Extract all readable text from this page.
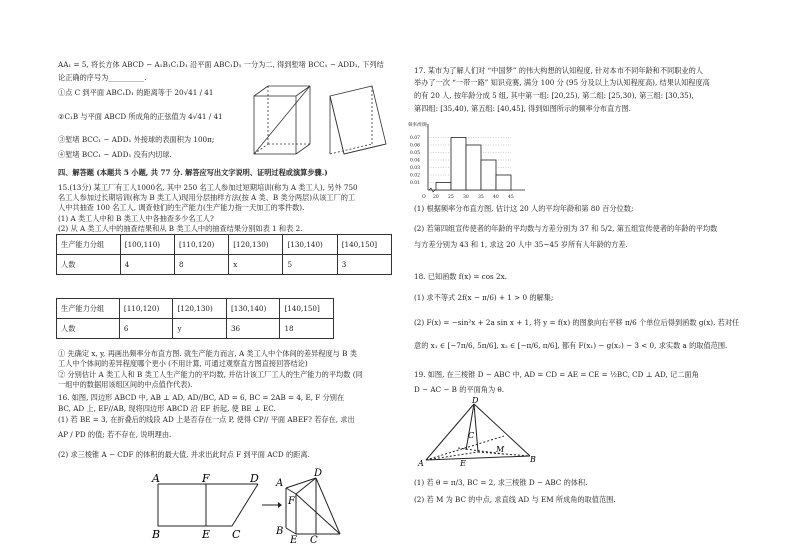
AA₁ = 5, 将长方体 ABCD − A₁B₁C₁D₁ 沿平面 ABC₁D₁ 一分为二, 得到堑堵 BCC₁ − ADD₁, 下列结
论正确的序号为__________.
①点 C 到平面 ABC₁D₁ 的距离等于 20√41 / 41
②C₁B 与平面 ABCD 所成角的正弦值为 4√41 / 41
③堑堵 BCC₁ − ADD₁ 外接球的表面积为 100π;
④堑堵 BCC₁ − ADD₁ 没有内切球.
四、解答题 (本题共 5 小题, 共 77 分. 解答应写出文字说明、证明过程或演算步骤.)
15.(13分) 某工厂有工人1000名, 其中 250 名工人参加过短期培训(称为 A 类工人), 另外 750
名工人参加过长期培训(称为 B 类工人)现用分层抽样方法(按 A 类、B 类分两层)从该工厂的工
人中共抽查 100 名工人, 调查他们的生产能力(生产能力指一天加工的零件数).
(1) A 类工人中和 B 类工人中各抽查多少名工人?
(2) 从 A 类工人中的抽查结果和从 B 类工人中的抽查结果分别如表 1 和表 2.
生产能力分组	[100,110)	[110,120)	[120,130)	[130,140)	[140,150]
人数	4	8	x	5	3
生产能力分组	[110,120)	[120,130)	[130,140)	[140,150]
人数	6	y	36	18
① 先确定 x, y, 再画出频率分布直方图. 就生产能力而言, A 类工人中个体间的差异程度与 B 类
工人中个体间的差异程度哪个更小 (不用计算, 可通过观察直方图直接回答结论)
② 分别估计 A 类工人和 B 类工人生产能力的平均数, 并估计该工厂工人的生产能力的平均数 (同
一组中的数据用该组区间的中点值作代表).
16. 如图, 四边形 ABCD 中, AB ⊥ AD, AD//BC, AD = 6, BC = 2AB = 4, E, F 分别在
BC, AD 上, EF//AB, 现将四边形 ABCD 沿 EF 折起, 使 BE ⊥ EC.
(1) 若 BE = 3, 在折叠后的线段 AD 上是否存在一点 P, 使得 CP// 平面 ABEF? 若存在, 求出
AP / PD 的值; 若不存在, 说明理由.
(2) 求三棱锥 A − CDF 的体积的最大值, 并求出此时点 F 到平面 ACD 的距离.
A	F	D
B	E C
A
D
F
B
E C
17. 某市为了解人们对 “中国梦” 的伟大构想的认知程度, 针对本市不同年龄和不同职业的人
举办了一次 “一带一路” 知识竞赛, 满分 100 分 (95 分及以上为认知程度高), 结果认知程度高
的有 20 人, 按年龄分成 5 组, 其中第一组: [20,25), 第二组: [25,30), 第三组: [30,35),
第四组: [35,40), 第五组: [40,45], 得到如图所示的频率分布直方图.
频率/组距
0.07
0.06
0.05
0.04
0.03
0.02
0.01
O 20 25 30 35 40 45
(1) 根据频率分布直方图, 估计这 20 人的平均年龄和第 80 百分位数;
(2) 若第四组宣传使者的年龄的平均数与方差分别为 37 和 5/2, 第五组宣传使者的年龄的平均数
与方差分别为 43 和 1, 求这 20 人中 35~45 岁所有人年龄的方差.
18. 已知函数 f(x) = cos 2x.
(1) 求不等式 2f(x − π/6) + 1 > 0 的解集;
(2) F(x) = −sin²x + 2a sin x + 1, 将 y = f(x) 的图象向右平移 π/6 个单位后得到函数 g(x). 若对任
意的 x₁ ∈ [−7π/6, 5π/6], x₂ ∈ [−π/6, π/6], 都有 F(x₁) − g(x₂) − 3 < 0, 求实数 a 的取值范围.
19. 如图, 在三棱锥 D − ABC 中, AD = CD = AE = CE = ½BC, CD ⊥ AD, 记二面角
D − AC − B 的平面角为 θ.
D
A	B
C
E
M
(1) 若 θ = π/3, BC = 2, 求三棱锥 D − ABC 的体积.
(2) 若 M 为 BC 的中点, 求直线 AD 与 EM 所成角的取值范围.
